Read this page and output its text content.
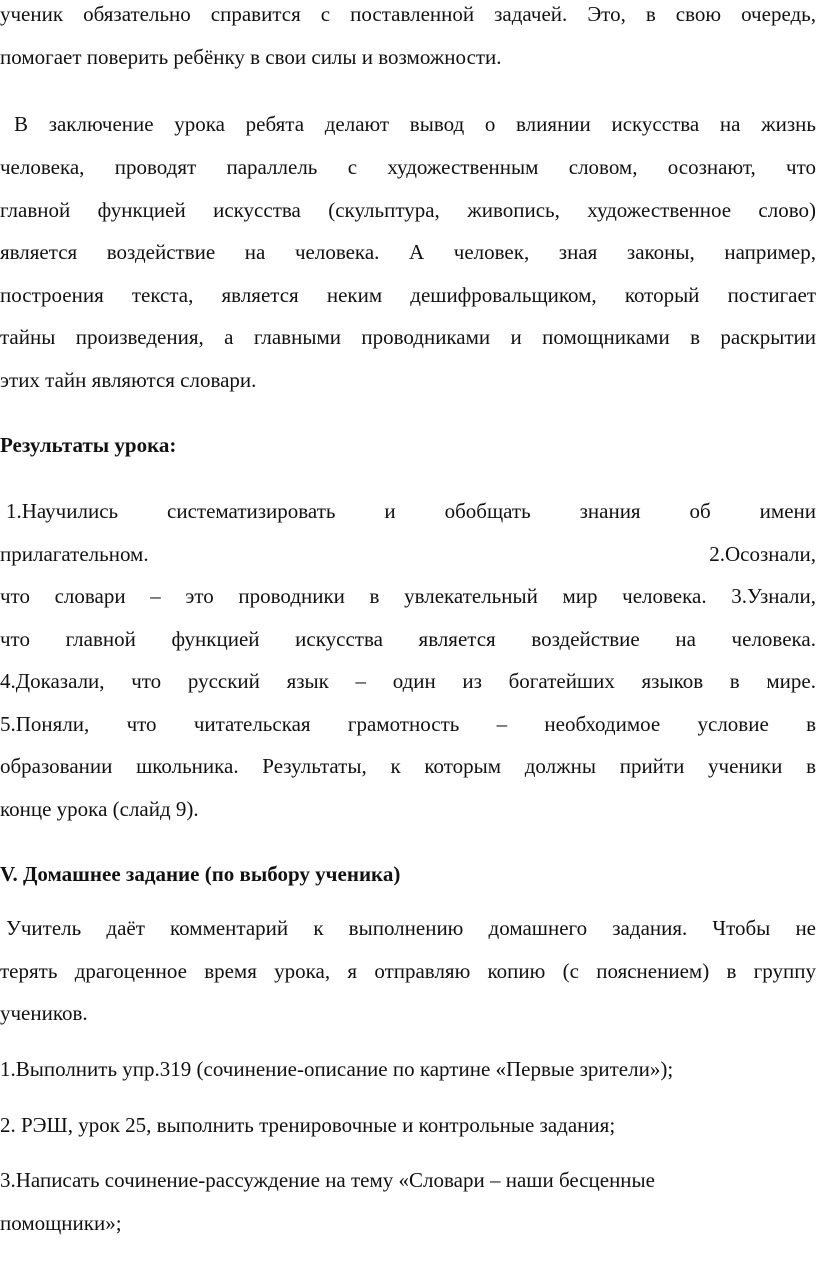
ученик обязательно справится с поставленной задачей. Это, в свою очередь,

помогает поверить ребёнку в свои силы и возможности.

В заключение урока ребята делают вывод о влиянии искусства на жизнь

человека, проводят параллель с художественным словом, осознают, что

главной функцией искусства (скульптура, живопись, художественное слово)

является воздействие на человека. А человек, зная законы, например,

построения текста, является неким дешифровальщиком, который постигает

тайны произведения, а главными проводниками и помощниками в раскрытии

этих тайн являются словари.

Результаты урока:

1.Научились систематизировать и обобщать знания об имени

прилагательном. 2.Осознали,

что словари – это проводники в увлекательный мир человека. 3.Узнали,

что главной функцией искусства является воздействие на человека.

4.Доказали, что русский язык – один из богатейших языков в мире.

5.Поняли, что читательская грамотность – необходимое условие в

образовании школьника. Результаты, к которым должны прийти ученики в

конце урока (слайд 9).

V. Домашнее задание (по выбору ученика)

Учитель даёт комментарий к выполнению домашнего задания. Чтобы не

терять драгоценное время урока, я отправляю копию (с пояснением) в группу

учеников.

1.Выполнить упр.319 (сочинение-описание по картине «Первые зрители»);

2. РЭШ, урок 25, выполнить тренировочные и контрольные задания;

3.Написать сочинение-рассуждение на тему «Словари – наши бесценные

помощники»;
